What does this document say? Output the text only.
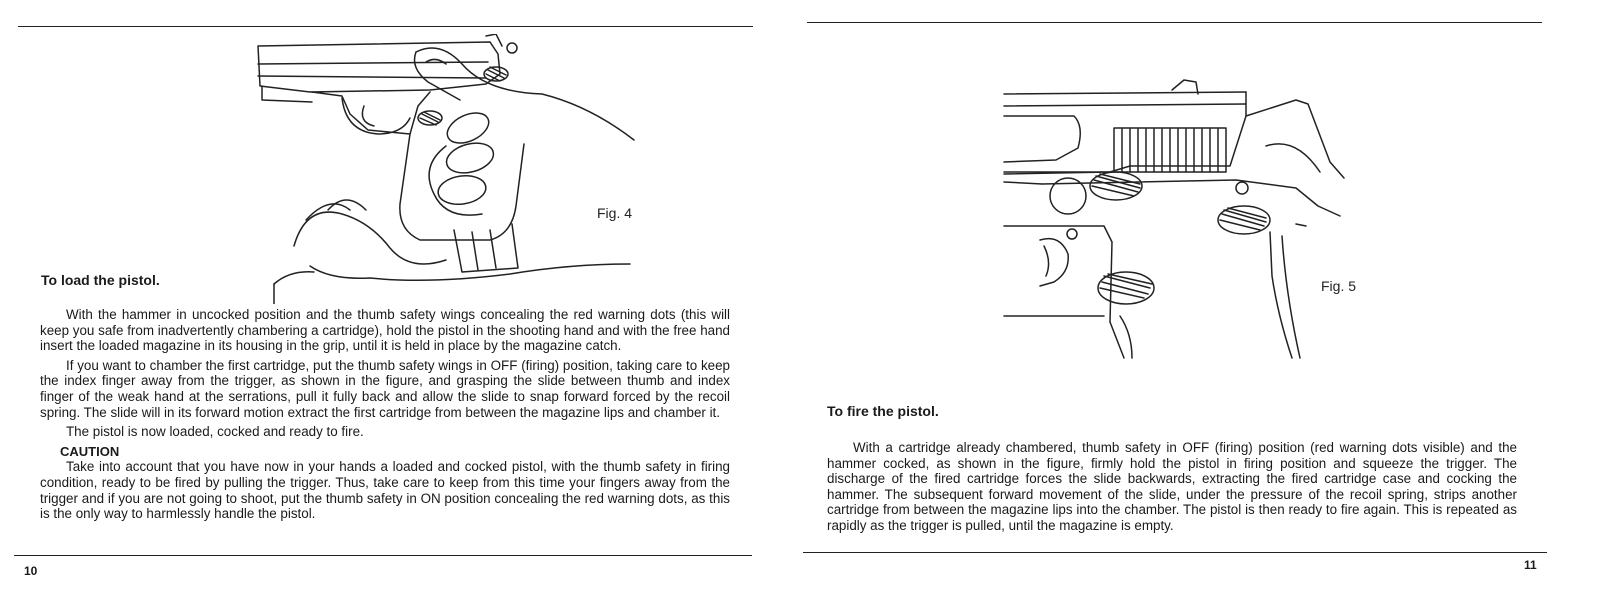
Fig. 4
To load the pistol.

With the hammer in uncocked position and the thumb safety wings concealing the red warning dots (this will keep you safe from inadvertently chambering a cartridge), hold the pistol in the shooting hand and with the free hand insert the loaded magazine in its housing in the grip, until it is held in place by the magazine catch.

If you want to chamber the first cartridge, put the thumb safety wings in OFF (firing) position, taking care to keep the index finger away from the trigger, as shown in the figure, and grasping the slide between thumb and index finger of the weak hand at the serrations, pull it fully back and allow the slide to snap forward forced by the recoil spring. The slide will in its forward motion extract the first cartridge from between the magazine lips and chamber it.

The pistol is now loaded, cocked and ready to fire.

CAUTION

Take into account that you have now in your hands a loaded and cocked pistol, with the thumb safety in firing condition, ready to be fired by pulling the trigger. Thus, take care to keep from this time your fingers away from the trigger and if you are not going to shoot, put the thumb safety in ON position concealing the red warning dots, as this is the only way to harmlessly handle the pistol.

10
Fig. 5
To fire the pistol.

With a cartridge already chambered, thumb safety in OFF (firing) position (red warning dots visible) and the hammer cocked, as shown in the figure, firmly hold the pistol in firing position and squeeze the trigger. The discharge of the fired cartridge forces the slide backwards, extracting the fired cartridge case and cocking the hammer. The subsequent forward movement of the slide, under the pressure of the recoil spring, strips another cartridge from between the magazine lips into the chamber. The pistol is then ready to fire again. This is repeated as rapidly as the trigger is pulled, until the magazine is empty.

11
